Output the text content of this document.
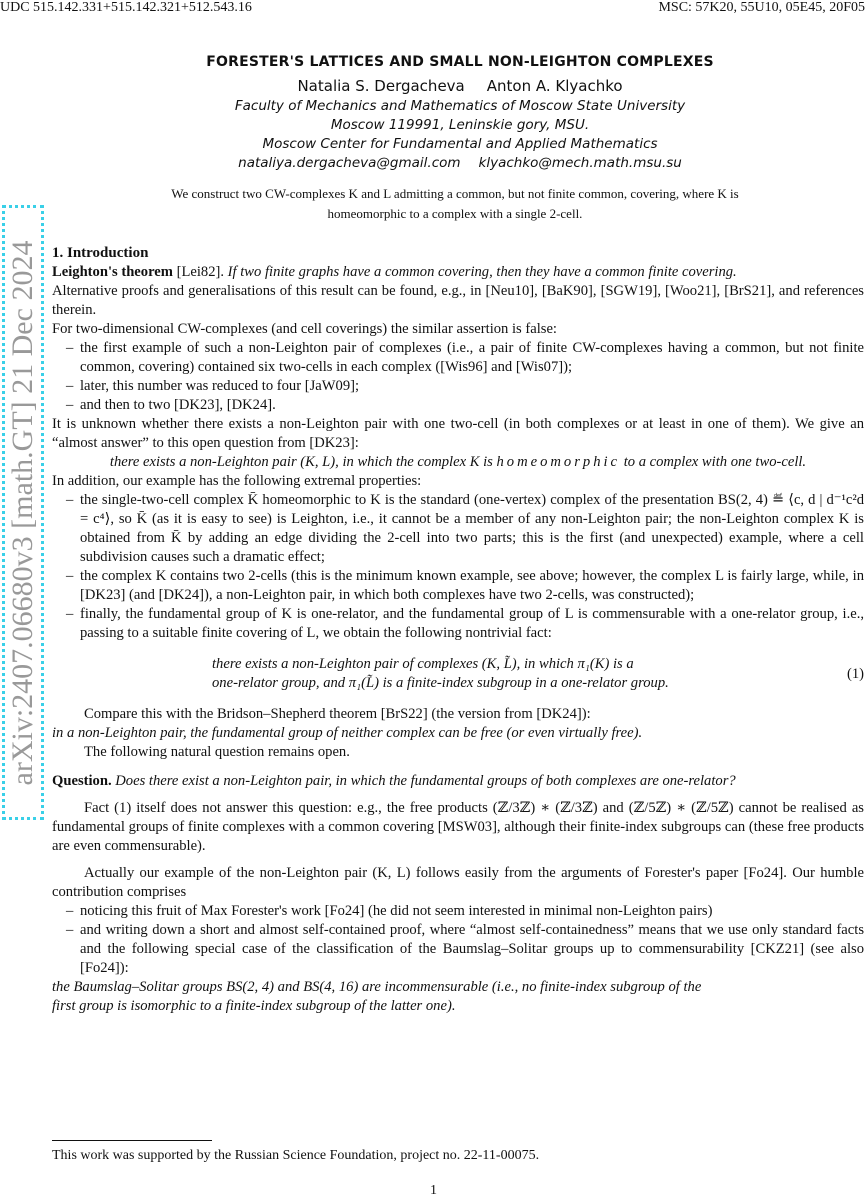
UDC 515.142.331+515.142.321+512.543.16	MSC: 57K20, 55U10, 05E45, 20F05
arXiv:2407.06680v3 [math.GT] 21 Dec 2024
FORESTER'S LATTICES AND SMALL NON-LEIGHTON COMPLEXES
Natalia S. Dergacheva Anton A. Klyachko
Faculty of Mechanics and Mathematics of Moscow State University
Moscow 119991, Leninskie gory, MSU.
Moscow Center for Fundamental and Applied Mathematics
nataliya.dergacheva@gmail.com klyachko@mech.math.msu.su
We construct two CW-complexes K and L admitting a common, but not finite common, covering, where K is homeomorphic to a complex with a single 2-cell.

1. Introduction

Leighton's theorem [Lei82]. If two finite graphs have a common covering, then they have a common finite covering.

Alternative proofs and generalisations of this result can be found, e.g., in [Neu10], [BaK90], [SGW19], [Woo21], [BrS21], and references therein.

For two-dimensional CW-complexes (and cell coverings) the similar assertion is false:

– the first example of such a non-Leighton pair of complexes (i.e., a pair of finite CW-complexes having a common, but not finite common, covering) contained six two-cells in each complex ([Wis96] and [Wis07]);
– later, this number was reduced to four [JaW09];
– and then to two [DK23], [DK24].

It is unknown whether there exists a non-Leighton pair with one two-cell (in both complexes or at least in one of them). We give an “almost answer” to this open question from [DK23]:

there exists a non-Leighton pair (K, L), in which the complex K is homeomorphic to a complex with one two-cell.

In addition, our example has the following extremal properties:

– the single-two-cell complex K̄ homeomorphic to K is the standard (one-vertex) complex of the presentation BS(2, 4) ≝ ⟨c, d | d⁻¹c²d = c⁴⟩, so K̄ (as it is easy to see) is Leighton, i.e., it cannot be a member of any non-Leighton pair; the non-Leighton complex K is obtained from K̄ by adding an edge dividing the 2-cell into two parts; this is the first (and unexpected) example, where a cell subdivision causes such a dramatic effect;
– the complex K contains two 2-cells (this is the minimum known example, see above; however, the complex L is fairly large, while, in [DK23] (and [DK24]), a non-Leighton pair, in which both complexes have two 2-cells, was constructed);
– finally, the fundamental group of K is one-relator, and the fundamental group of L is commensurable with a one-relator group, i.e., passing to a suitable finite covering of L, we obtain the following nontrivial fact:
there exists a non-Leighton pair of complexes (K, L̃), in which π₁(K) is a
one-relator group, and π₁(L̃) is a finite-index subgroup in a one-relator group.
(1)

Compare this with the Bridson–Shepherd theorem [BrS22] (the version from [DK24]):

in a non-Leighton pair, the fundamental group of neither complex can be free (or even virtually free).

The following natural question remains open.

Question. Does there exist a non-Leighton pair, in which the fundamental groups of both complexes are one-relator?

Fact (1) itself does not answer this question: e.g., the free products (ℤ/3ℤ) ∗ (ℤ/3ℤ) and (ℤ/5ℤ) ∗ (ℤ/5ℤ) cannot be realised as fundamental groups of finite complexes with a common covering [MSW03], although their finite-index subgroups can (these free products are even commensurable).

Actually our example of the non-Leighton pair (K, L) follows easily from the arguments of Forester's paper [Fo24]. Our humble contribution comprises

– noticing this fruit of Max Forester's work [Fo24] (he did not seem interested in minimal non-Leighton pairs)
– and writing down a short and almost self-contained proof, where “almost self-containedness” means that we use only standard facts and the following special case of the classification of the Baumslag–Solitar groups up to commensurability [CKZ21] (see also [Fo24]):

the Baumslag–Solitar groups BS(2, 4) and BS(4, 16) are incommensurable (i.e., no finite-index subgroup of the first group is isomorphic to a finite-index subgroup of the latter one).

This work was supported by the Russian Science Foundation, project no. 22-11-00075.
1
